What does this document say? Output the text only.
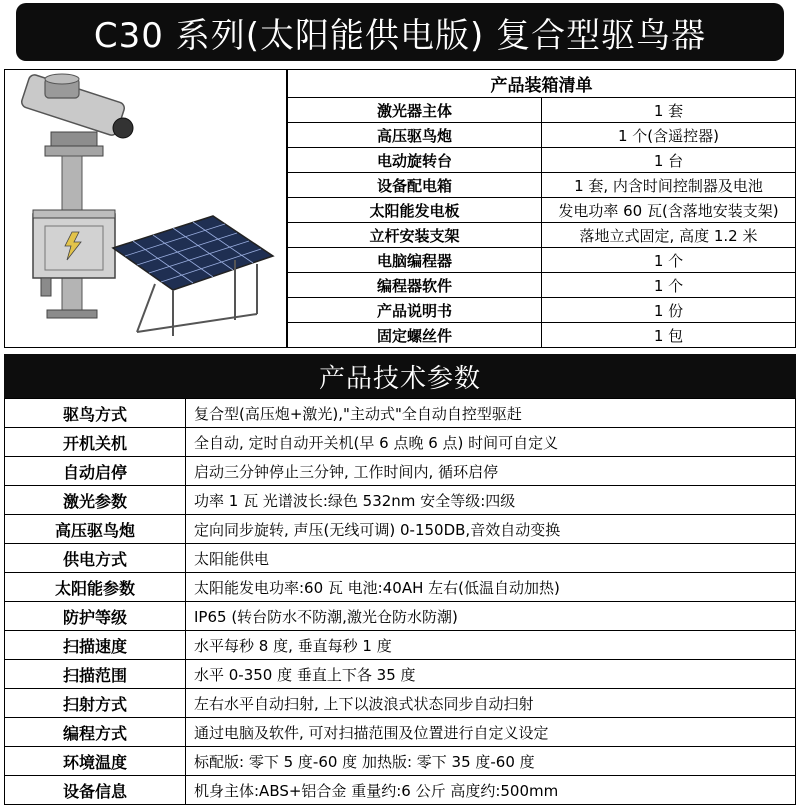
C30 系列(太阳能供电版) 复合型驱鸟器
产品装箱清单	
激光器主体	1 套
高压驱鸟炮	1 个(含遥控器)
电动旋转台	1 台
设备配电箱	1 套, 内含时间控制器及电池
太阳能发电板	发电功率 60 瓦(含落地安装支架)
立杆安装支架	落地立式固定, 高度 1.2 米
电脑编程器	1 个
编程器软件	1 个
产品说明书	1 份
固定螺丝件	1 包
产品技术参数
驱鸟方式	复合型(高压炮+激光),"主动式"全自动自控型驱赶
开机关机	全自动, 定时自动开关机(早 6 点晚 6 点) 时间可自定义
自动启停	启动三分钟停止三分钟, 工作时间内, 循环启停
激光参数	功率 1 瓦 光谱波长:绿色 532nm 安全等级:四级
高压驱鸟炮	定向同步旋转, 声压(无线可调) 0-150DB,音效自动变换
供电方式	太阳能供电
太阳能参数	太阳能发电功率:60 瓦 电池:40AH 左右(低温自动加热)
防护等级	IP65 (转台防水不防潮,激光仓防水防潮)
扫描速度	水平每秒 8 度, 垂直每秒 1 度
扫描范围	水平 0-350 度 垂直上下各 35 度
扫射方式	左右水平自动扫射, 上下以波浪式状态同步自动扫射
编程方式	通过电脑及软件, 可对扫描范围及位置进行自定义设定
环境温度	标配版: 零下 5 度-60 度 加热版: 零下 35 度-60 度
设备信息	机身主体:ABS+铝合金 重量约:6 公斤 高度约:500mm
